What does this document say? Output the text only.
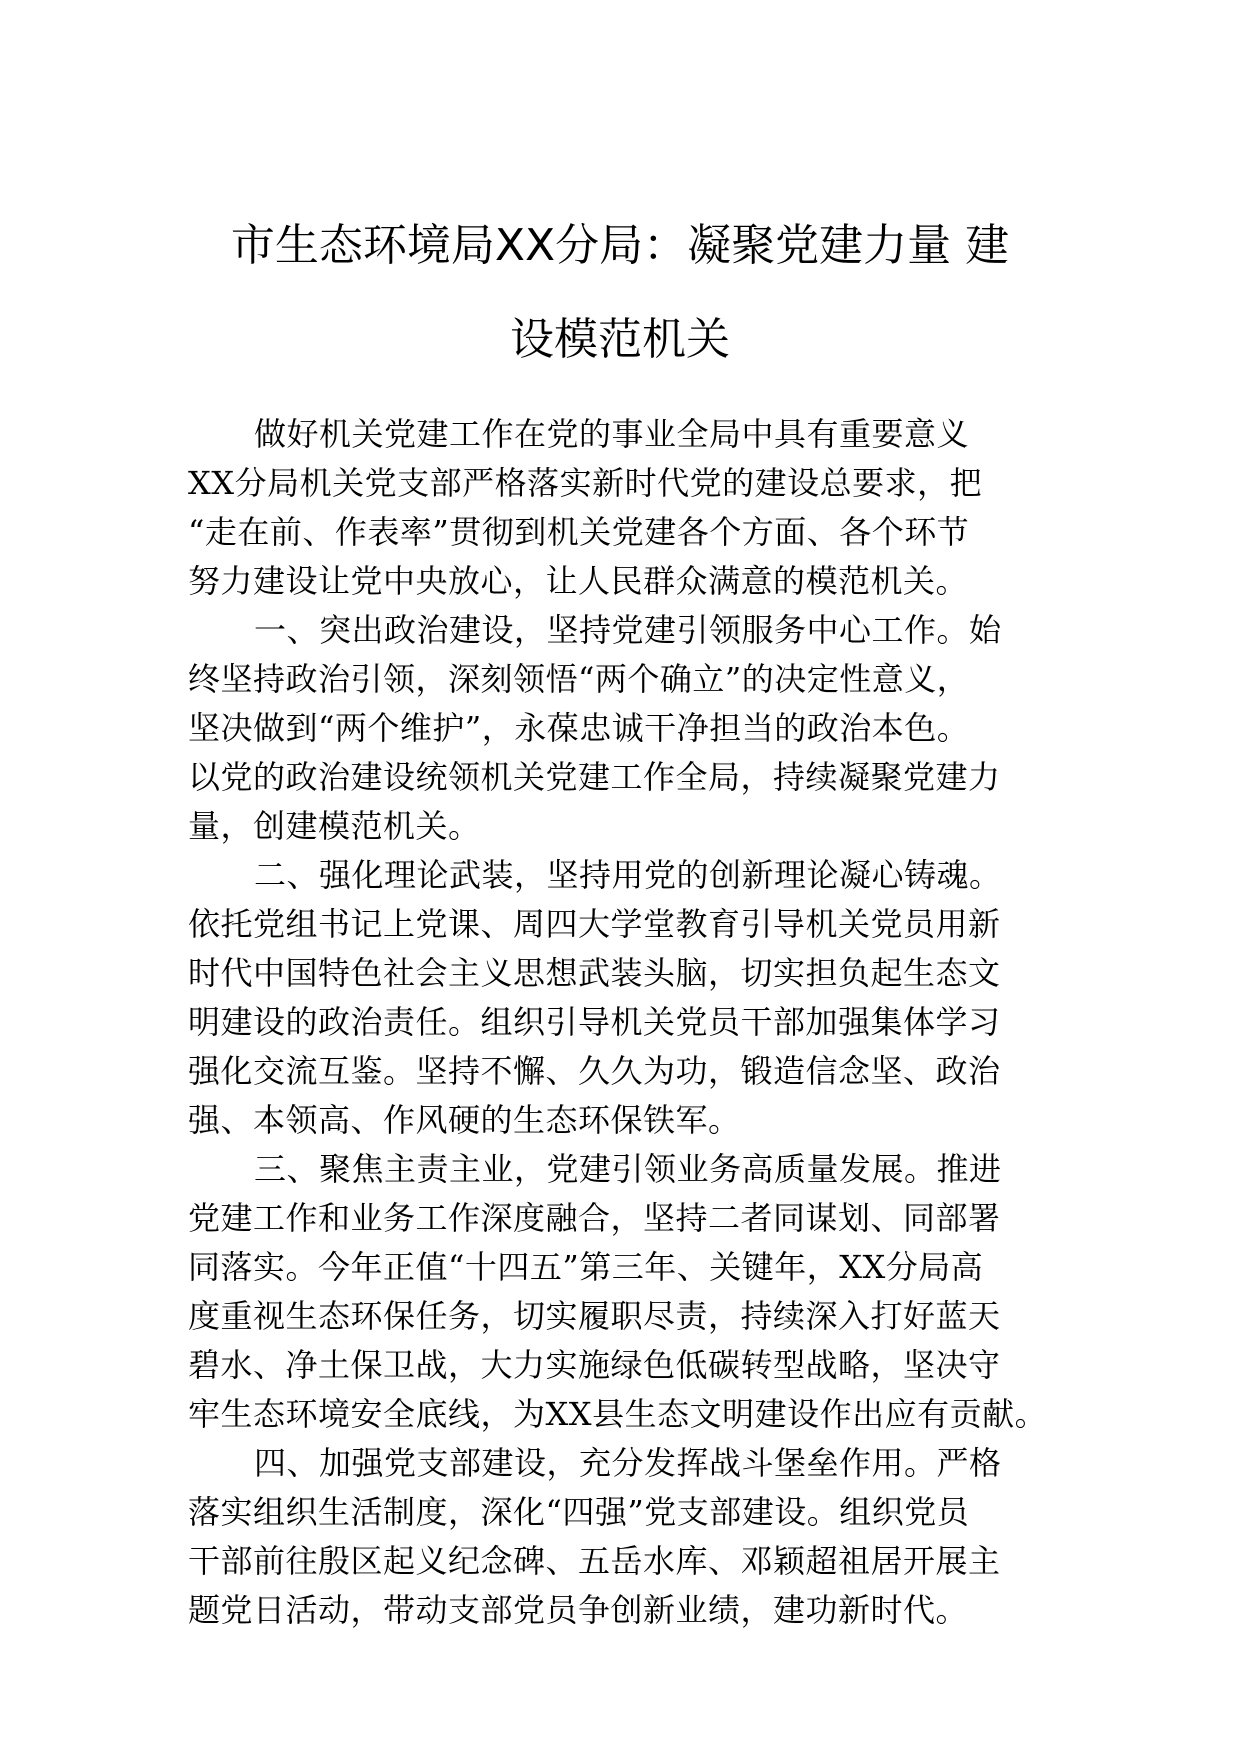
市生态环境局XX分局：凝聚党建力量 建
设模范机关
做好机关党建工作在党的事业全局中具有重要意义
XX分局机关党支部严格落实新时代党的建设总要求，把
“走在前、作表率”贯彻到机关党建各个方面、各个环节
努力建设让党中央放心，让人民群众满意的模范机关。
一、突出政治建设，坚持党建引领服务中心工作。始
终坚持政治引领，深刻领悟“两个确立”的决定性意义，
坚决做到“两个维护”，永葆忠诚干净担当的政治本色。
以党的政治建设统领机关党建工作全局，持续凝聚党建力
量，创建模范机关。
二、强化理论武装，坚持用党的创新理论凝心铸魂。
依托党组书记上党课、周四大学堂教育引导机关党员用新
时代中国特色社会主义思想武装头脑，切实担负起生态文
明建设的政治责任。组织引导机关党员干部加强集体学习
强化交流互鉴。坚持不懈、久久为功，锻造信念坚、政治
强、本领高、作风硬的生态环保铁军。
三、聚焦主责主业，党建引领业务高质量发展。推进
党建工作和业务工作深度融合，坚持二者同谋划、同部署
同落实。今年正值“十四五”第三年、关键年，XX分局高
度重视生态环保任务，切实履职尽责，持续深入打好蓝天
碧水、净土保卫战，大力实施绿色低碳转型战略，坚决守
牢生态环境安全底线，为XX县生态文明建设作出应有贡献。
四、加强党支部建设，充分发挥战斗堡垒作用。严格
落实组织生活制度，深化“四强”党支部建设。组织党员
干部前往殷区起义纪念碑、五岳水库、邓颖超祖居开展主
题党日活动，带动支部党员争创新业绩，建功新时代。
